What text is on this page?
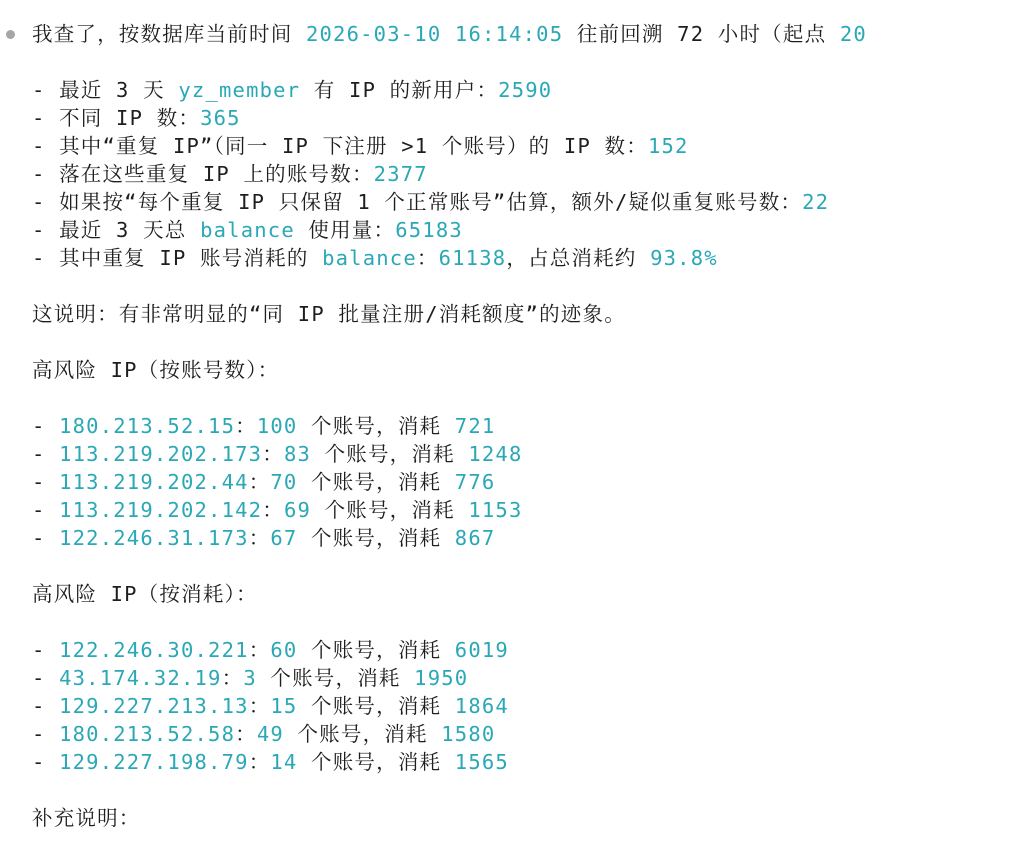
我查了，按数据库当前时间 2026-03-10 16:14:05 往前回溯 72 小时（起点 20
- 最近 3 天 yz_member 有 IP 的新用户：2590
- 不同 IP 数：365
- 其中“重复 IP”（同一 IP 下注册 >1 个账号）的 IP 数：152
- 落在这些重复 IP 上的账号数：2377
- 如果按“每个重复 IP 只保留 1 个正常账号”估算，额外/疑似重复账号数：22
- 最近 3 天总 balance 使用量：65183
- 其中重复 IP 账号消耗的 balance：61138，占总消耗约 93.8%
这说明：有非常明显的“同 IP 批量注册/消耗额度”的迹象。
高风险 IP（按账号数）：
- 180.213.52.15：100 个账号，消耗 721
- 113.219.202.173：83 个账号，消耗 1248
- 113.219.202.44：70 个账号，消耗 776
- 113.219.202.142：69 个账号，消耗 1153
- 122.246.31.173：67 个账号，消耗 867
高风险 IP（按消耗）：
- 122.246.30.221：60 个账号，消耗 6019
- 43.174.32.19：3 个账号，消耗 1950
- 129.227.213.13：15 个账号，消耗 1864
- 180.213.52.58：49 个账号，消耗 1580
- 129.227.198.79：14 个账号，消耗 1565
补充说明：
